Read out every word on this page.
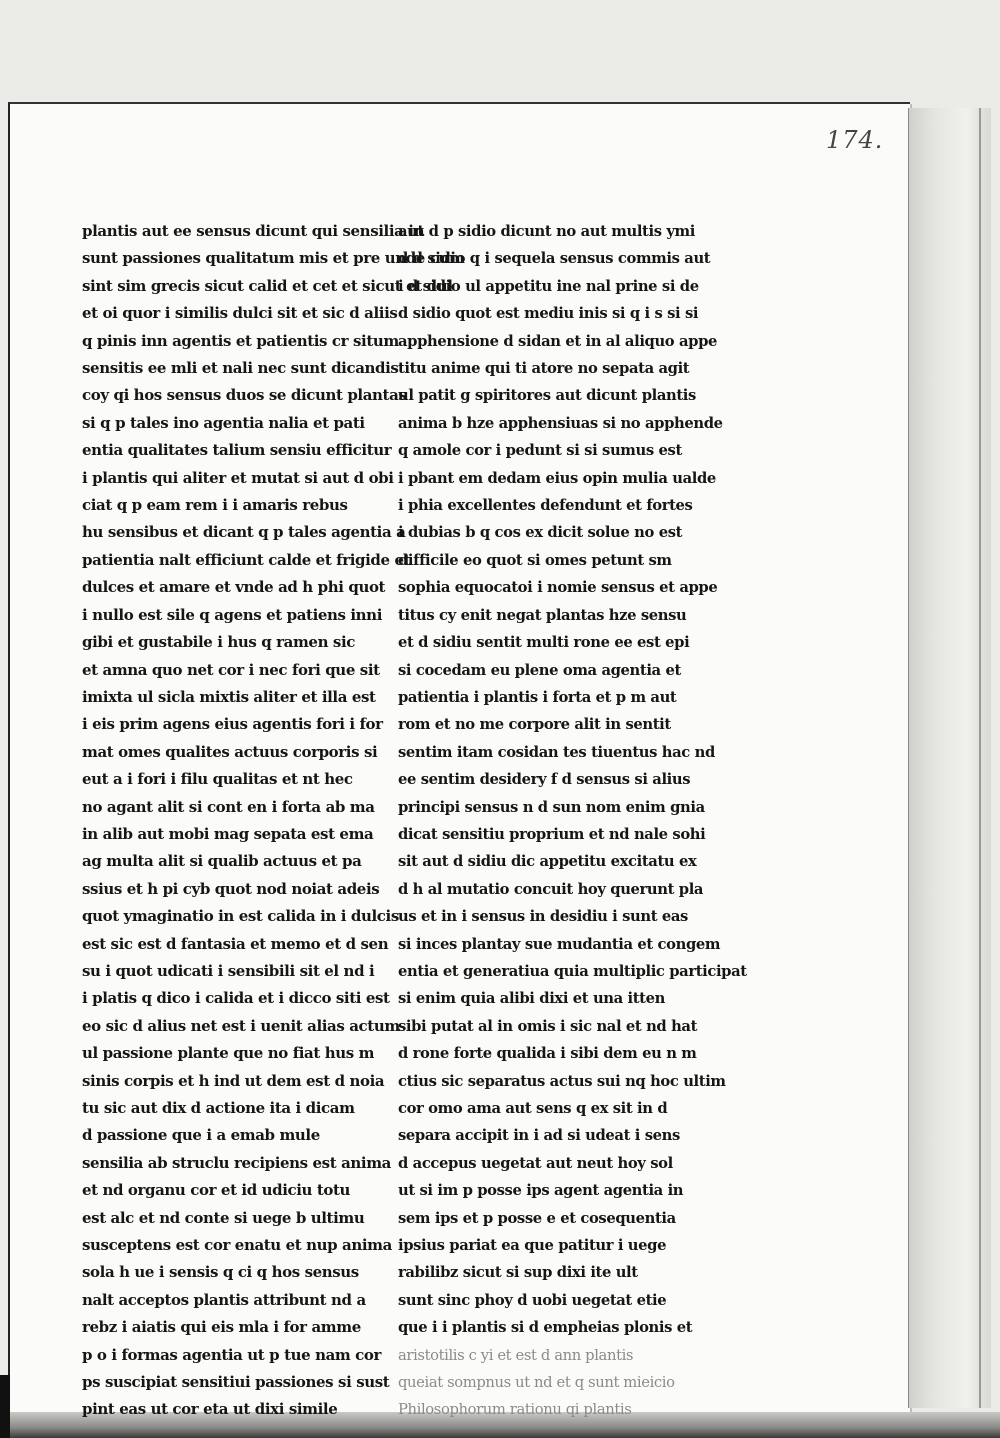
174.
plantis aut ee sensus dicunt qui sensilia in
sunt passiones qualitatum mis et pre unde cum
sint sim grecis sicut calid et cet et sicut et dul
et oi quor i similis dulci sit et sic d aliis
q pinis inn agentis et patientis cr situm
sensitis ee mli et nali nec sunt dicandis
coy qi hos sensus duos se dicunt plantas
si q p tales ino agentia nalia et pati
entia qualitates talium sensiu efficitur
i plantis qui aliter et mutat si aut d obi
ciat q p eam rem i i amaris rebus
hu sensibus et dicant q p tales agentia a
patientia nalt efficiunt calde et frigide et
dulces et amare et vnde ad h phi quot
i nullo est sile q agens et patiens inni
gibi et gustabile i hus q ramen sic
et amna quo net cor i nec fori que sit
imixta ul sicla mixtis aliter et illa est
i eis prim agens eius agentis fori i for
mat omes qualites actuus corporis si
eut a i fori i filu qualitas et nt hec
no agant alit si cont en i forta ab ma
in alib aut mobi mag sepata est ema
ag multa alit si qualib actuus et pa
ssius et h pi cyb quot nod noiat adeis
quot ymaginatio in est calida in i dulcis
est sic est d fantasia et memo et d sen
su i quot udicati i sensibili sit el nd i
i platis q dico i calida et i dicco siti est
eo sic d alius net est i uenit alias actum
ul passione plante que no fiat hus m
sinis corpis et h ind ut dem est d noia
tu sic aut dix d actione ita i dicam
d passione que i a emab mule
sensilia ab struclu recipiens est anima
et nd organu cor et id udiciu totu
est alc et nd conte si uege b ultimu
susceptens est cor enatu et nup anima
sola h ue i sensis q ci q hos sensus
nalt acceptos plantis attribunt nd a
rebz i aiatis qui eis mla i for amme
p o i formas agentia ut p tue nam cor
ps suscipiat sensitiui passiones si sust
pint eas ut cor eta ut dixi simile
aut d p sidio dicunt no aut multis ymi
d d sidio q i sequela sensus commis aut
i d sidio ul appetitu ine nal prine si de
d sidio quot est mediu inis si q i s si si
apphensione d sidan et in al aliquo appe
titu anime qui ti atore no sepata agit
ul patit g spiritores aut dicunt plantis
anima b hze apphensiuas si no apphende
q amole cor i pedunt si si sumus est
i pbant em dedam eius opin mulia ualde
i phia excellentes defendunt et fortes
i dubias b q cos ex dicit solue no est
difficile eo quot si omes petunt sm
sophia equocatoi i nomie sensus et appe
titus cy enit negat plantas hze sensu
et d sidiu sentit multi rone ee est epi
si cocedam eu plene oma agentia et
patientia i plantis i forta et p m aut
rom et no me corpore alit in sentit
sentim itam cosidan tes tiuentus hac nd
ee sentim desidery f d sensus si alius
principi sensus n d sun nom enim gnia
dicat sensitiu proprium et nd nale sohi
sit aut d sidiu dic appetitu excitatu ex
d h al mutatio concuit hoy querunt pla
us et in i sensus in desidiu i sunt eas
si inces plantay sue mudantia et congem
entia et generatiua quia multiplic participat
si enim quia alibi dixi et una itten
sibi putat al in omis i sic nal et nd hat
d rone forte qualida i sibi dem eu n m
ctius sic separatus actus sui nq hoc ultim
cor omo ama aut sens q ex sit in d
separa accipit in i ad si udeat i sens
d accepus uegetat aut neut hoy sol
ut si im p posse ips agent agentia in
sem ips et p posse e et cosequentia
ipsius pariat ea que patitur i uege
rabilibz sicut si sup dixi ite ult
sunt sinc phoy d uobi uegetat etie
que i i plantis si d empheias plonis et
aristotilis c yi et est d ann plantis
queiat sompnus ut nd et q sunt mieicio
Philosophorum rationu qi plantis
